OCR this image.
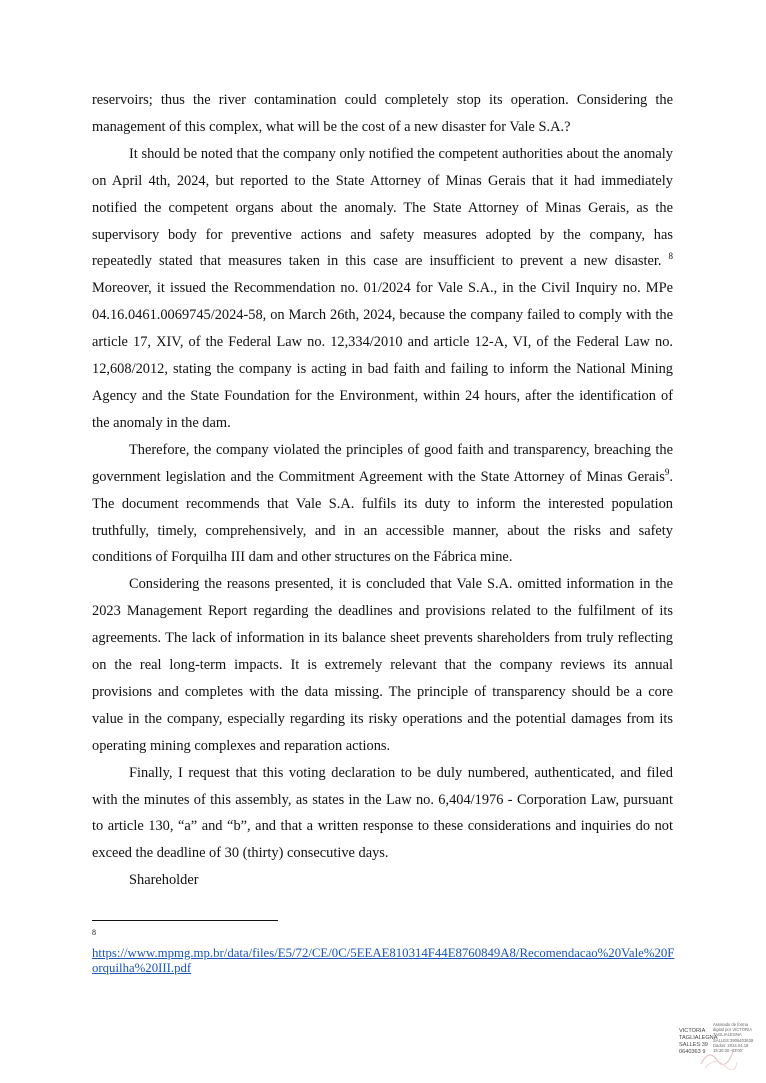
reservoirs; thus the river contamination could completely stop its operation. Considering the management of this complex, what will be the cost of a new disaster for Vale S.A.?

It should be noted that the company only notified the competent authorities about the anomaly on April 4th, 2024, but reported to the State Attorney of Minas Gerais that it had immediately notified the competent organs about the anomaly. The State Attorney of Minas Gerais, as the supervisory body for preventive actions and safety measures adopted by the company, has repeatedly stated that measures taken in this case are insufficient to prevent a new disaster. $^8$ Moreover, it issued the Recommendation no. 01/2024 for Vale S.A., in the Civil Inquiry no. MPe 04.16.0461.0069745/2024-58, on March 26th, 2024, because the company failed to comply with the article 17, XIV, of the Federal Law no. 12,334/2010 and article 12-A, VI, of the Federal Law no. 12,608/2012, stating the company is acting in bad faith and failing to inform the National Mining Agency and the State Foundation for the Environment, within 24 hours, after the identification of the anomaly in the dam.

Therefore, the company violated the principles of good faith and transparency, breaching the government legislation and the Commitment Agreement with the State Attorney of Minas Gerais$^9$. The document recommends that Vale S.A. fulfils its duty to inform the interested population truthfully, timely, comprehensively, and in an accessible manner, about the risks and safety conditions of Forquilha III dam and other structures on the Fábrica mine.

Considering the reasons presented, it is concluded that Vale S.A. omitted information in the 2023 Management Report regarding the deadlines and provisions related to the fulfilment of its agreements. The lack of information in its balance sheet prevents shareholders from truly reflecting on the real long-term impacts. It is extremely relevant that the company reviews its annual provisions and completes with the data missing. The principle of transparency should be a core value in the company, especially regarding its risky operations and the potential damages from its operating mining complexes and reparation actions.

Finally, I request that this voting declaration to be duly numbered, authenticated, and filed with the minutes of this assembly, as states in the Law no. 6,404/1976 - Corporation Law, pursuant to article 130, “a” and “b”, and that a written response to these considerations and inquiries do not exceed the deadline of 30 (thirty) consecutive days.

Shareholder

8
https://www.mpmg.mp.br/data/files/E5/72/CE/0C/5EEAE810314F44E8760849A8/Recomendacao%20Vale%20Forquilha%20III.pdf
VICTORIA TAGLIALEGNA SALLES:39 0640363 9
Assinado de forma digital por VICTORIA TAGLIALEGNA SALLES:3906403639 Dados: 2024.04.19 15:30:30 -03'00'
